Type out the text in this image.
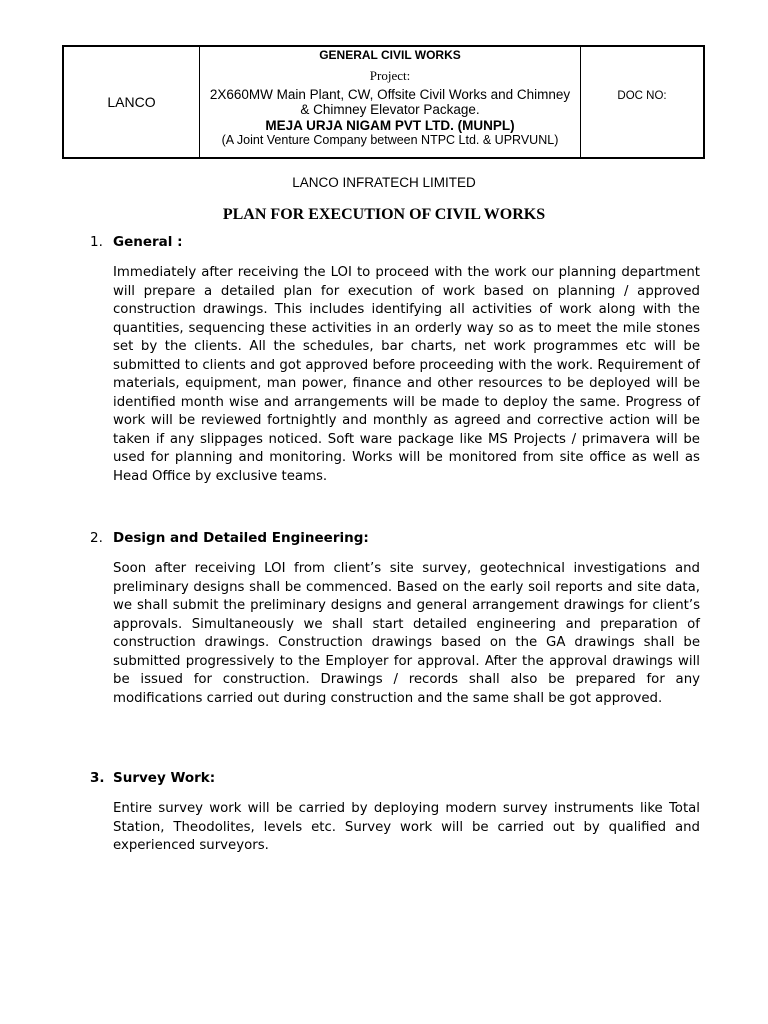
LANCO
GENERAL CIVIL WORKS
Project:
2X660MW Main Plant, CW, Offsite Civil Works and Chimney
& Chimney Elevator Package.
MEJA URJA NIGAM PVT LTD. (MUNPL)
(A Joint Venture Company between NTPC Ltd. & UPRVUNL)
DOC NO:
LANCO INFRATECH LIMITED
PLAN FOR EXECUTION OF CIVIL WORKS
1. General :

Immediately after receiving the LOI to proceed with the work our planning department will prepare a detailed plan for execution of work based on planning / approved construction drawings. This includes identifying all activities of work along with the quantities, sequencing these activities in an orderly way so as to meet the mile stones set by the clients. All the schedules, bar charts, net work programmes etc will be submitted to clients and got approved before proceeding with the work. Requirement of materials, equipment, man power, finance and other resources to be deployed will be identified month wise and arrangements will be made to deploy the same. Progress of work will be reviewed fortnightly and monthly as agreed and corrective action will be taken if any slippages noticed. Soft ware package like MS Projects / primavera will be used for planning and monitoring. Works will be monitored from site office as well as Head Office by exclusive teams.

2. Design and Detailed Engineering:

Soon after receiving LOI from client’s site survey, geotechnical investigations and preliminary designs shall be commenced. Based on the early soil reports and site data, we shall submit the preliminary designs and general arrangement drawings for client’s approvals. Simultaneously we shall start detailed engineering and preparation of construction drawings. Construction drawings based on the GA drawings shall be submitted progressively to the Employer for approval. After the approval drawings will be issued for construction. Drawings / records shall also be prepared for any modifications carried out during construction and the same shall be got approved.

3. Survey Work:

Entire survey work will be carried by deploying modern survey instruments like Total Station, Theodolites, levels etc. Survey work will be carried out by qualified and experienced surveyors.
